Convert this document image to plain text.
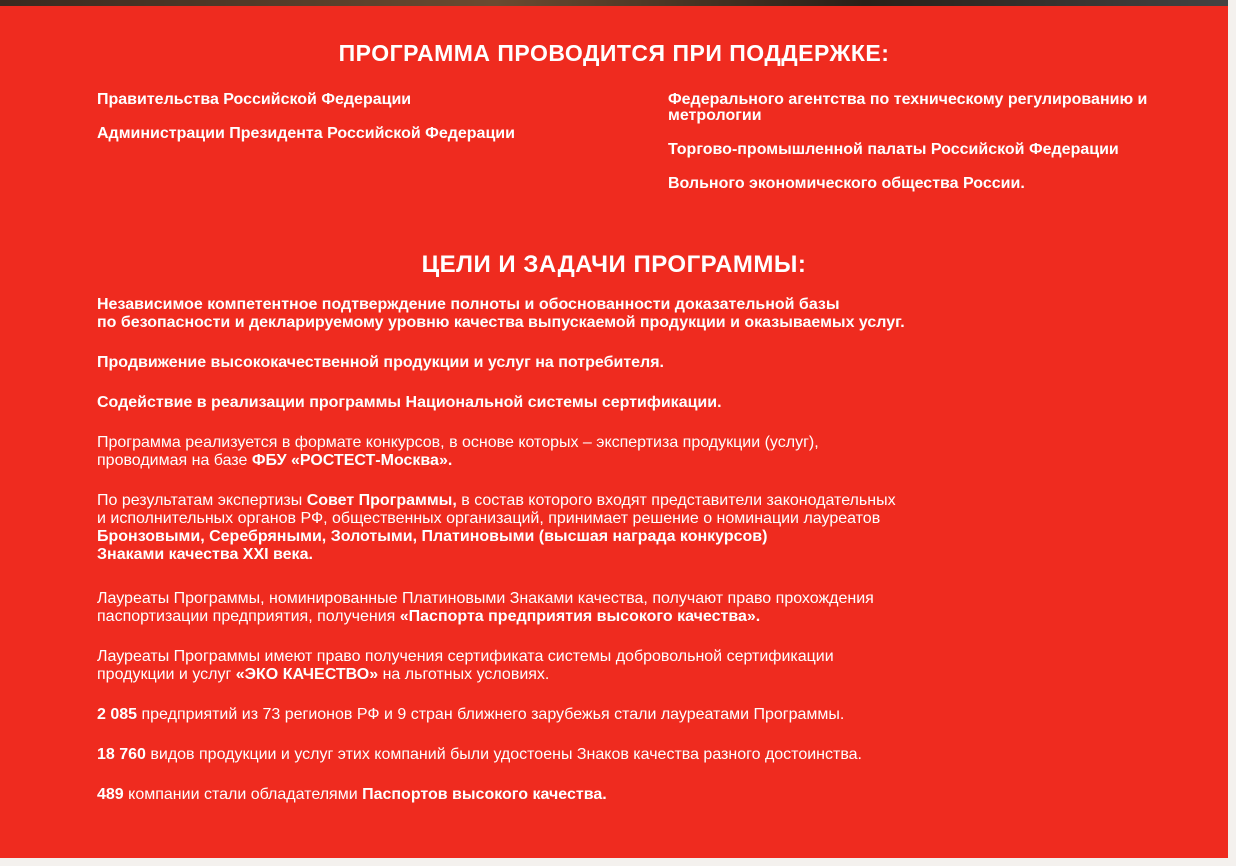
ПРОГРАММА ПРОВОДИТСЯ ПРИ ПОДДЕРЖКЕ:
Правительства Российской Федерации
Администрации Президента Российской Федерации
Федерального агентства по техническому регулированию и метрологии
Торгово-промышленной палаты Российской Федерации
Вольного экономического общества России.
ЦЕЛИ И ЗАДАЧИ ПРОГРАММЫ:

Независимое компетентное подтверждение полноты и обоснованности доказательной базы
по безопасности и декларируемому уровню качества выпускаемой продукции и оказываемых услуг.

Продвижение высококачественной продукции и услуг на потребителя.

Содействие в реализации программы Национальной системы сертификации.

Программа реализуется в формате конкурсов, в основе которых – экспертиза продукции (услуг),
проводимая на базе ФБУ «РОСТЕСТ-Москва».

По результатам экспертизы Совет Программы, в состав которого входят представители законодательных
и исполнительных органов РФ, общественных организаций, принимает решение о номинации лауреатов
Бронзовыми, Серебряными, Золотыми, Платиновыми (высшая награда конкурсов)
Знаками качества XXI века.

Лауреаты Программы, номинированные Платиновыми Знаками качества, получают право прохождения
паспортизации предприятия, получения «Паспорта предприятия высокого качества».

Лауреаты Программы имеют право получения сертификата системы добровольной сертификации
продукции и услуг «ЭКО КАЧЕСТВО» на льготных условиях.

2 085 предприятий из 73 регионов РФ и 9 стран ближнего зарубежья стали лауреатами Программы.

18 760 видов продукции и услуг этих компаний были удостоены Знаков качества разного достоинства.

489 компании стали обладателями Паспортов высокого качества.
